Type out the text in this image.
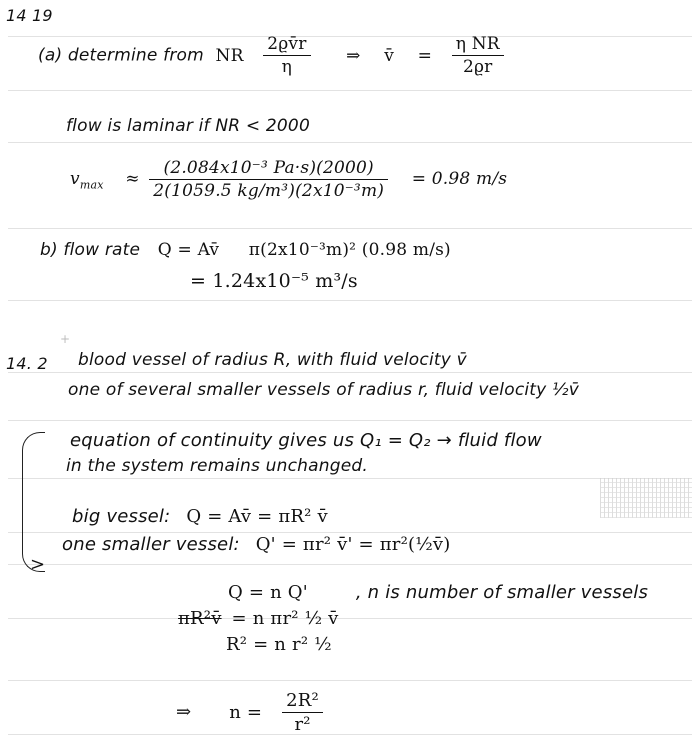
14 19
(a) determine from NR $\frac{2ϱv̄r}{\eta}$ ⇒ v̄ = $\frac{\text{η NR}}{2ϱr}$
flow is laminar if NR < 2000
$v_{max} \approx \frac{\text{(2.084x10⁻³ Pa·s)(2000)}}{\text{2(1059.5 kg/m³)(2x10⁻³m)}} = 0.98$ m/s
b) flow rate Q = Av̄ π(2x10⁻³m)² (0.98 m/s)
= 1.24x10⁻⁵ m³/s
+
14. 2 blood vessel of radius R, with fluid velocity v̄
one of several smaller vessels of radius r, fluid velocity ½v̄
>
equation of continuity gives us Q₁ = Q₂ → fluid flow
in the system remains unchanged.
big vessel: Q = Av̄ = πR² v̄
one smaller vessel: Q' = πr² v̄' = πr²(½v̄)
Q = n Q'	, n is number of smaller vessels
πR²v̄ = n πr² ½ v̄
R² = n r² ½
⇒ $n = \frac{\text{2R²}}{\text{r²}}$
